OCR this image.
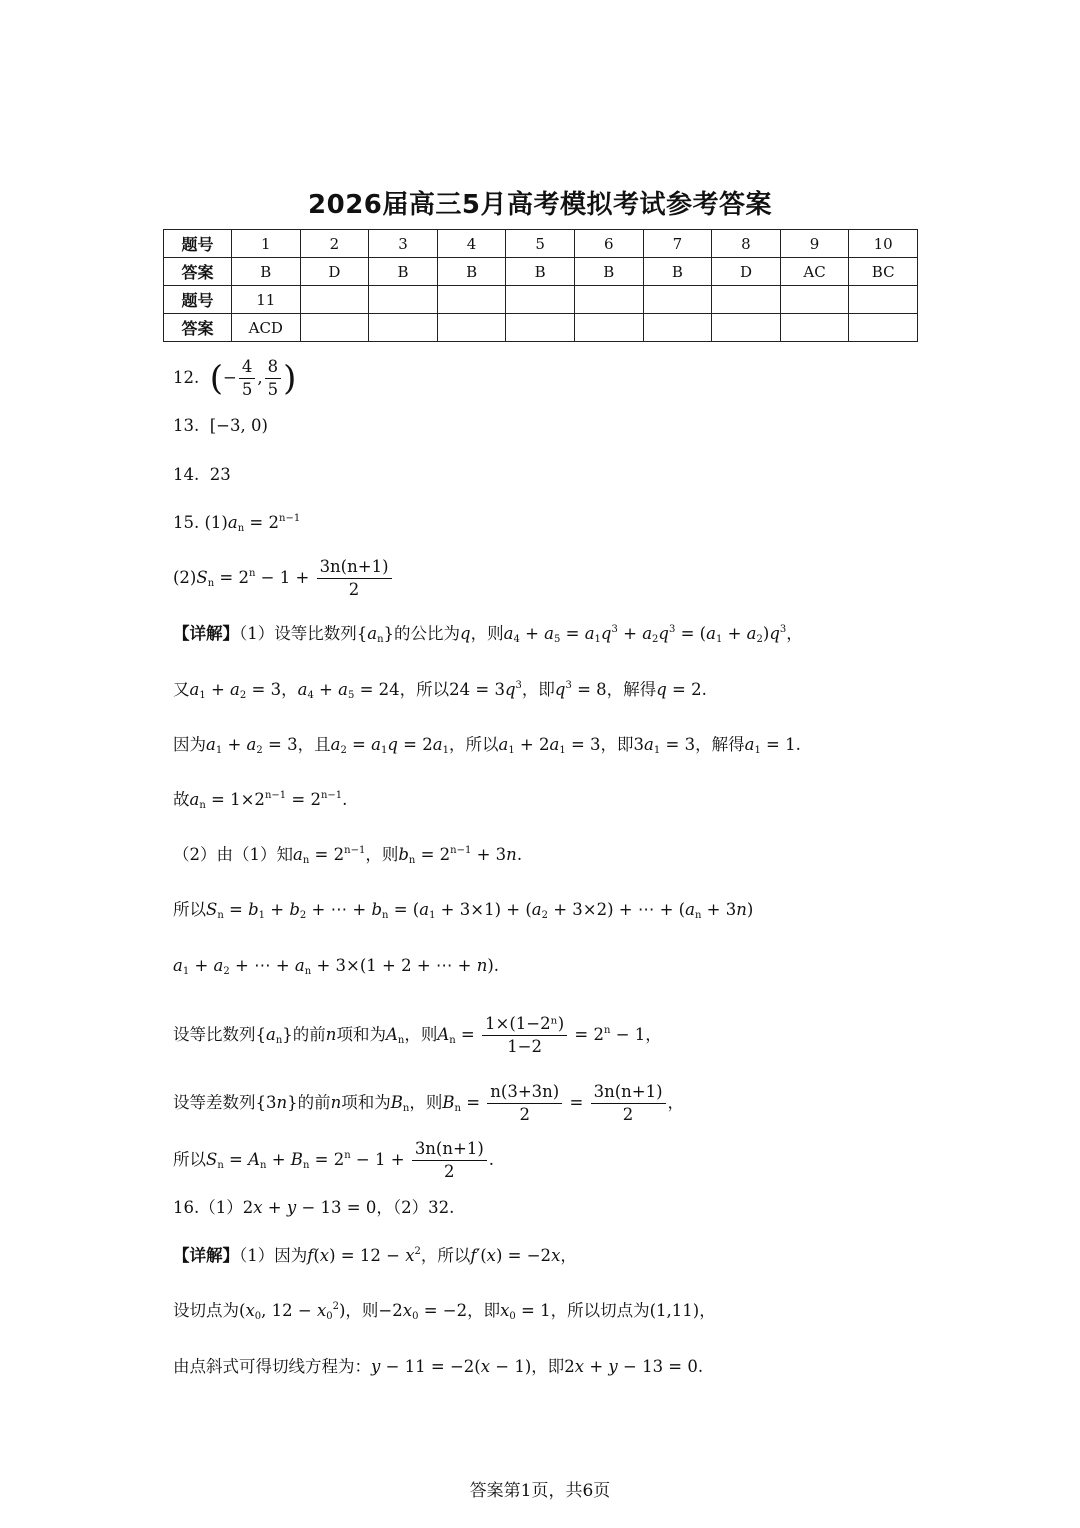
2026届高三5月高考模拟考试参考答案
题号	1	2	3	4	5	6	7	8	9	10
答案	B	D	B	B	B	B	B	D	AC	BC
题号	11									
答案	ACD									
12. (− $\frac{4}{5}$ , $\frac{8}{5}$ )
13. [−3, 0)
14. 23
15. $(1)a_n = 2^{n-1}$
$(2)S_n = 2^n - 1 + \frac{3n(n+1)}{2}$
【详解】（1）设等比数列$\{a_n\}$的公比为q，则$a_4 + a_5 = a_1q^3 + a_2q^3 = (a_1 + a_2)q^3$，
又$a_1 + a_2 = 3$，$a_4 + a_5 = 24$，所以$24 = 3q^3$，即$q^3 = 8$，解得q = 2.
因为$a_1 + a_2 = 3$，且$a_2 = a_1q = 2a_1$，所以$a_1 + 2a_1 = 3$，即$3a_1 = 3$，解得$a_1 = 1$.
故$a_n = 1\times 2^{n-1} = 2^{n-1}$.
（2）由（1）知$a_n = 2^{n-1}$，则$b_n = 2^{n-1} + 3n$.
所以$S_n = b_1 + b_2$ + ⋯ + $b_n = (a_1 + 3\times 1) + (a_2 + 3\times 2)$ + ⋯ + $(a_n + 3n)$
$a_1 + a_2$ + ⋯ + $a_n + 3\times(1 + 2$ + ⋯ + n).
设等比数列$\{a_n\}$的前n项和为$A_n$，则$A_n = \frac{\text{1×(1−2ⁿ)}}{1-2} = 2^n - 1$，
设等差数列{3n}的前n项和为$B_n$，则$B_n = \frac{n(3+3n)}{2} = \frac{3n(n+1)}{2}$ ，
所以$S_n = A_n + B_n = 2^n - 1 + \frac{3n(n+1)}{2}$ .
16.（1）2x + y − 13 = 0，（2）32.
【详解】（1）因为$f(x) = 12 - x^2$，所以f′(x) = −2x，
设切点为($x_0$, $12 - x_0^2$)，则$-2x_0 = -2$，即$x_0 = 1$，所以切点为(1,11)，
由点斜式可得切线方程为：y − 11 = −2(x − 1)，即2x + y − 13 = 0.
答案第1页，共6页
